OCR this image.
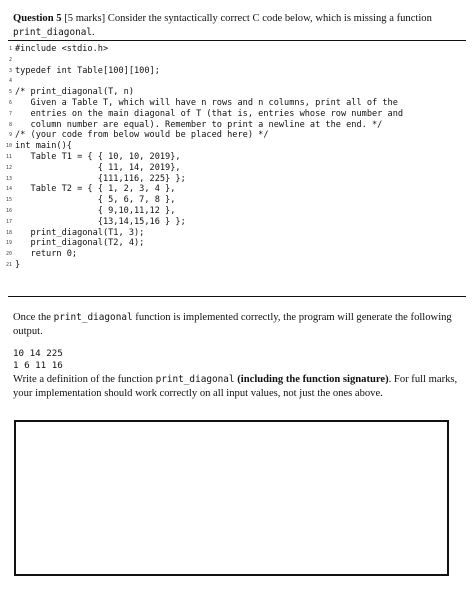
Question 5 [5 marks] Consider the syntactically correct C code below, which is missing a function print_diagonal.
1 #include <stdio.h>
2
3 typedef int Table[100][100];
4
5 /* print_diagonal(T, n)
6 Given a Table T, which will have n rows and n columns, print all of the
7 entries on the main diagonal of T (that is, entries whose row number and
8 column number are equal). Remember to print a newline at the end. */
9 /* (your code from below would be placed here) */
10 int main(){
11 Table T1 = { { 10, 10, 2019},
12 { 11, 14, 2019},
13 {111,116, 225} };
14 Table T2 = { { 1, 2, 3, 4 },
15 { 5, 6, 7, 8 },
16 { 9,10,11,12 },
17 {13,14,15,16 } };
18 print_diagonal(T1, 3);
19 print_diagonal(T2, 4);
20 return 0;
21 }
Once the print_diagonal function is implemented correctly, the program will generate the following output.
10 14 225
1 6 11 16
Write a definition of the function print_diagonal (including the function signature). For full marks, your implementation should work correctly on all input values, not just the ones above.
